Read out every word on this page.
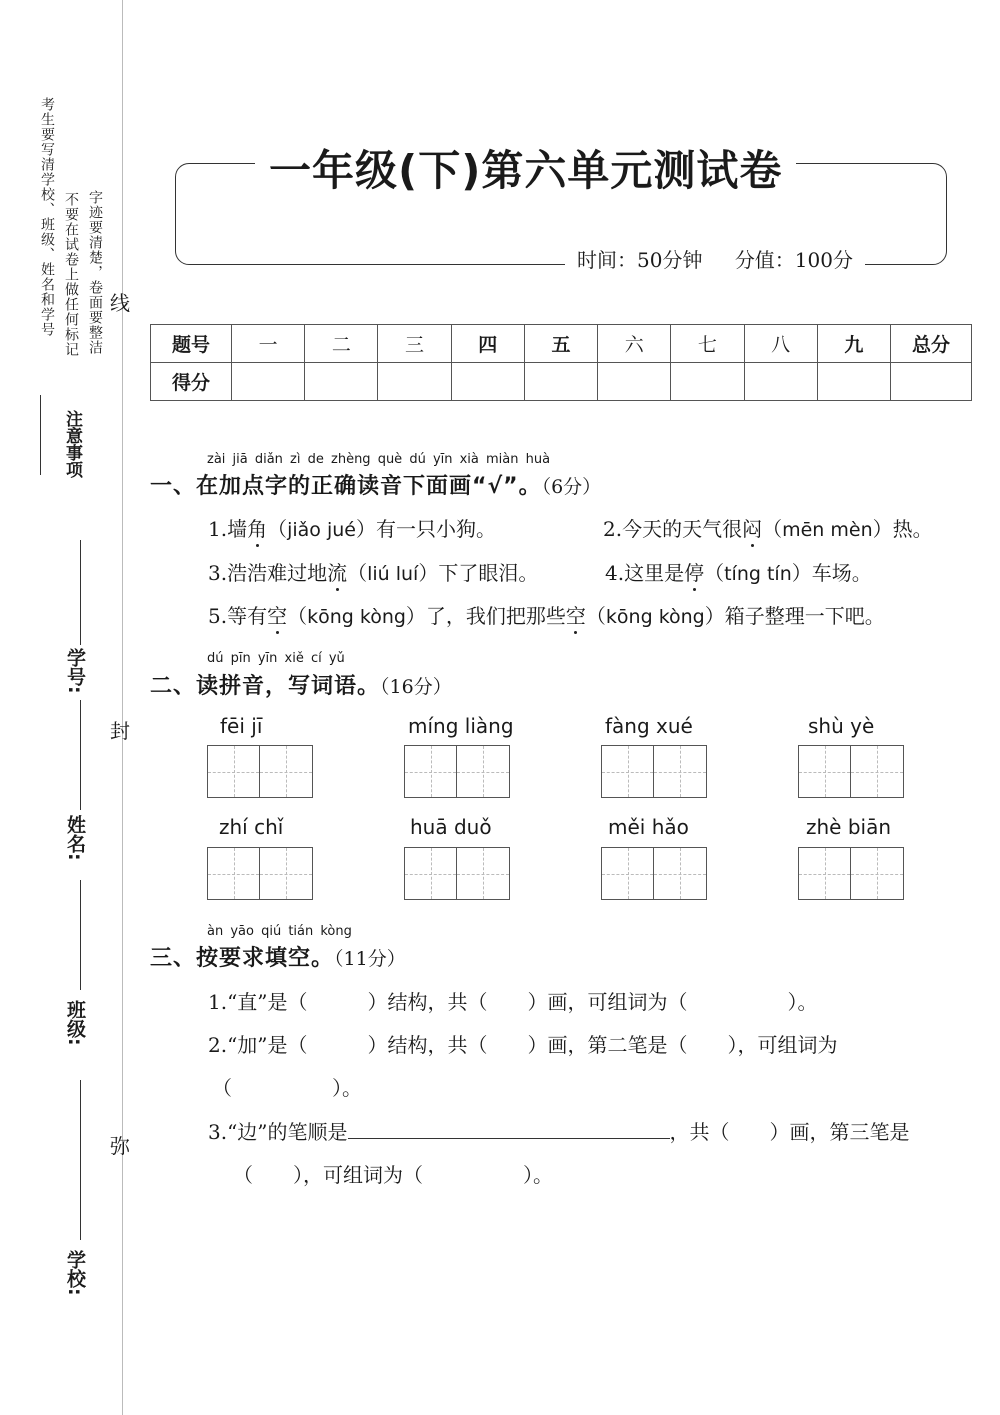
考生要写清学校、班级、姓名和学号 不要在试卷上做任何标记 字迹要清楚，卷面要整洁
注意事项
学号:
姓名:
班级:
学校:
线
封
弥
一年级(下)第六单元测试卷
时间：50分钟 分值：100分
题号	一	二	三	四	五	六	七	八	九	总分
得分										
zài jiā diǎn zì de zhèng què dú yīn xià miàn huà
一、在加点字的正确读音下面画“√”。（6分）
1.墙角（jiǎo jué）有一只小狗。	2.今天的天气很闷（mēn mèn）热。
3.浩浩难过地流（liú luí）下了眼泪。	4.这里是停（tíng tín）车场。
5.等有空（kōng kòng）了，我们把那些空（kōng kòng）箱子整理一下吧。
dú pīn yīn xiě cí yǔ
二、读拼音，写词语。（16分）
fēi jī	míng liàng	fàng xué	shù yè
zhí chǐ	huā duǒ	měi hǎo	zhè biān
àn yāo qiú tián kòng
三、按要求填空。（11分）
1.“直”是（　　　）结构，共（　　）画，可组词为（　　　　　）。
2.“加”是（　　　）结构，共（　　）画，第二笔是（　　），可组词为
（　　　　　）。
3.“边”的笔顺是	，共（　　）画，第三笔是
（　　），可组词为（　　　　　）。
